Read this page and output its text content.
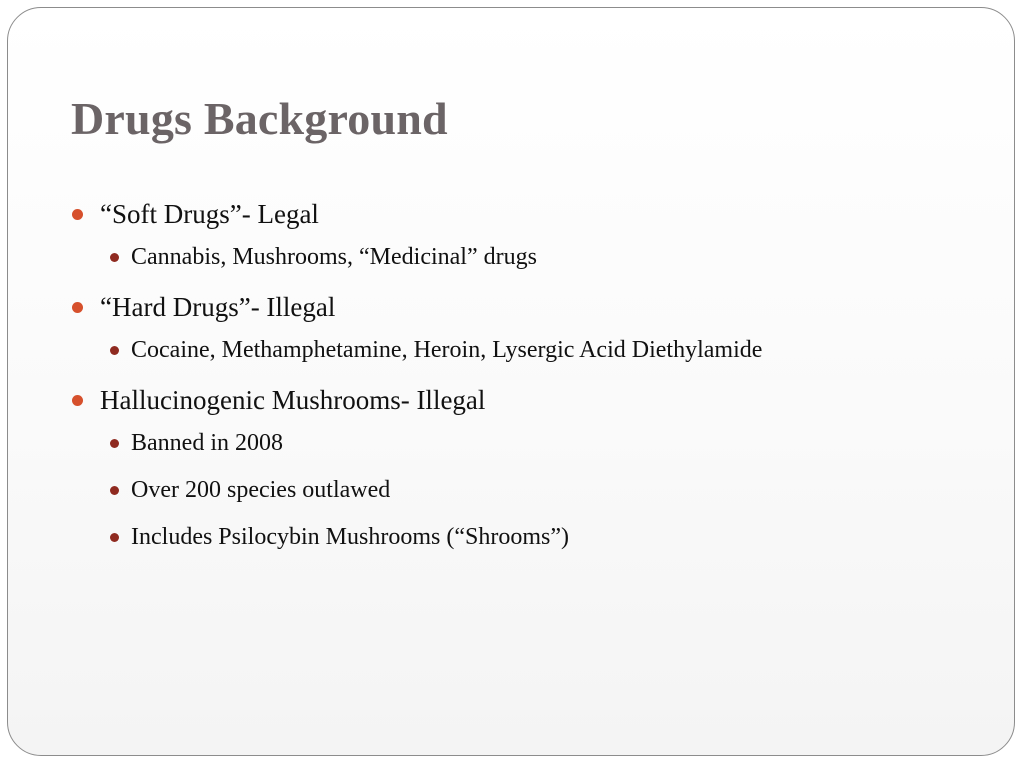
Drugs Background
“Soft Drugs”- Legal
Cannabis, Mushrooms, “Medicinal” drugs
“Hard Drugs”- Illegal
Cocaine, Methamphetamine, Heroin, Lysergic Acid Diethylamide
Hallucinogenic Mushrooms- Illegal
Banned in 2008
Over 200 species outlawed
Includes Psilocybin Mushrooms (“Shrooms”)
